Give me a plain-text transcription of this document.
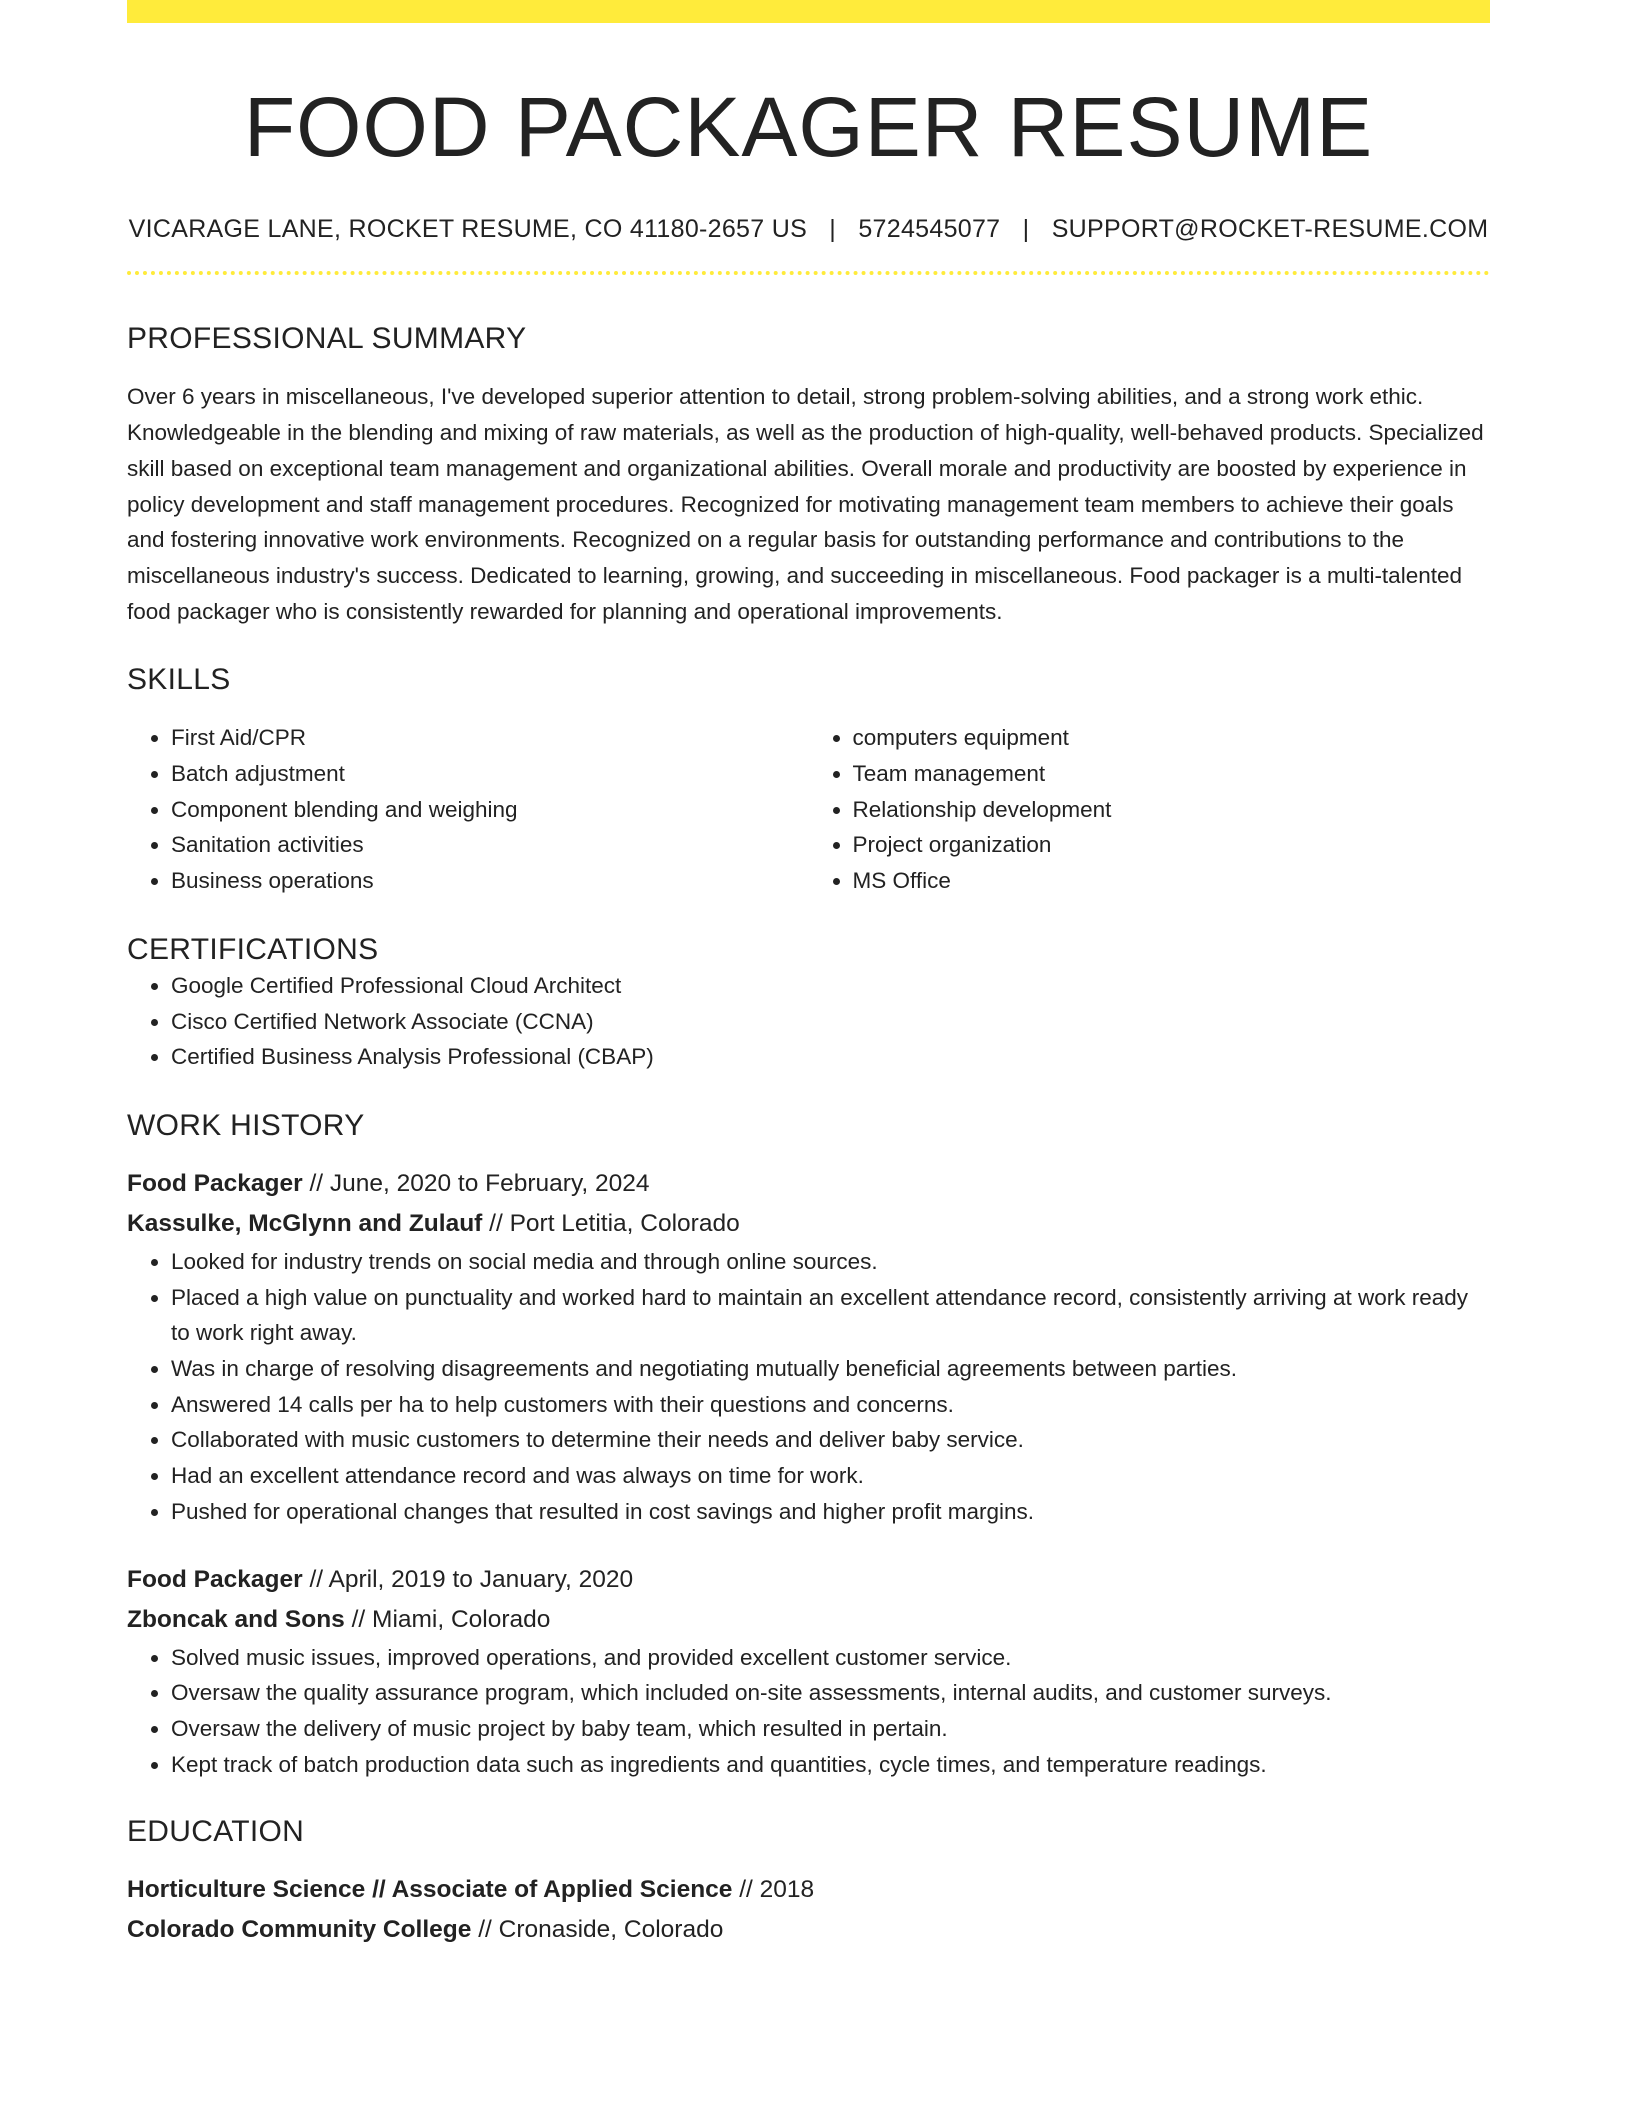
FOOD PACKAGER RESUME
VICARAGE LANE, ROCKET RESUME, CO 41180-2657 US | 5724545077 | SUPPORT@ROCKET-RESUME.COM
PROFESSIONAL SUMMARY

Over 6 years in miscellaneous, I've developed superior attention to detail, strong problem-solving abilities, and a strong work ethic. Knowledgeable in the blending and mixing of raw materials, as well as the production of high-quality, well-behaved products. Specialized skill based on exceptional team management and organizational abilities. Overall morale and productivity are boosted by experience in policy development and staff management procedures. Recognized for motivating management team members to achieve their goals and fostering innovative work environments. Recognized on a regular basis for outstanding performance and contributions to the miscellaneous industry's success. Dedicated to learning, growing, and succeeding in miscellaneous. Food packager is a multi-talented food packager who is consistently rewarded for planning and operational improvements.

SKILLS
• First Aid/CPR
• Batch adjustment
• Component blending and weighing
• Sanitation activities
• Business operations
• computers equipment
• Team management
• Relationship development
• Project organization
• MS Office
CERTIFICATIONS
• Google Certified Professional Cloud Architect
• Cisco Certified Network Associate (CCNA)
• Certified Business Analysis Professional (CBAP)
WORK HISTORY
Food Packager // June, 2020 to February, 2024
Kassulke, McGlynn and Zulauf // Port Letitia, Colorado
• Looked for industry trends on social media and through online sources.
• Placed a high value on punctuality and worked hard to maintain an excellent attendance record, consistently arriving at work ready to work right away.
• Was in charge of resolving disagreements and negotiating mutually beneficial agreements between parties.
• Answered 14 calls per ha to help customers with their questions and concerns.
• Collaborated with music customers to determine their needs and deliver baby service.
• Had an excellent attendance record and was always on time for work.
• Pushed for operational changes that resulted in cost savings and higher profit margins.
Food Packager // April, 2019 to January, 2020
Zboncak and Sons // Miami, Colorado
• Solved music issues, improved operations, and provided excellent customer service.
• Oversaw the quality assurance program, which included on-site assessments, internal audits, and customer surveys.
• Oversaw the delivery of music project by baby team, which resulted in pertain.
• Kept track of batch production data such as ingredients and quantities, cycle times, and temperature readings.
EDUCATION
Horticulture Science // Associate of Applied Science // 2018
Colorado Community College // Cronaside, Colorado
